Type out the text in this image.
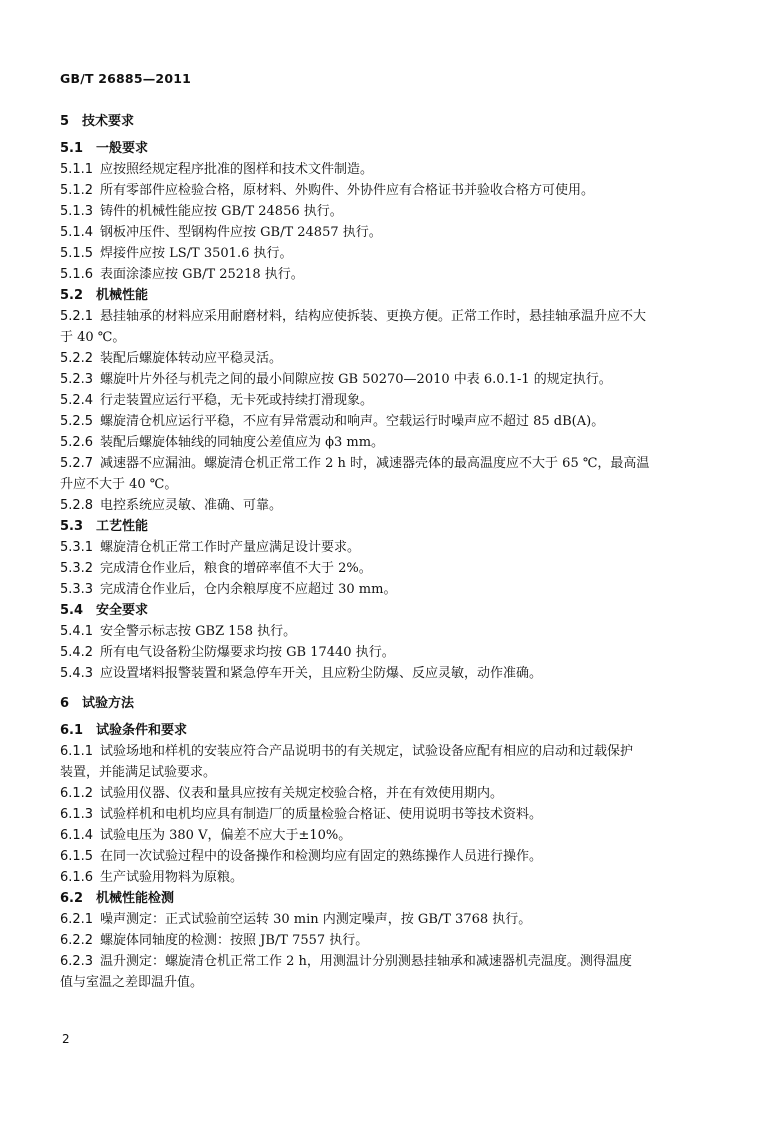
GB/T 26885—2011
5 技术要求
5.1 一般要求
5.1.1 应按照经规定程序批准的图样和技术文件制造。
5.1.2 所有零部件应检验合格，原材料、外购件、外协件应有合格证书并验收合格方可使用。
5.1.3 铸件的机械性能应按 GB/T 24856 执行。
5.1.4 钢板冲压件、型钢构件应按 GB/T 24857 执行。
5.1.5 焊接件应按 LS/T 3501.6 执行。
5.1.6 表面涂漆应按 GB/T 25218 执行。
5.2 机械性能
5.2.1 悬挂轴承的材料应采用耐磨材料，结构应使拆装、更换方便。正常工作时，悬挂轴承温升应不大
于 40 ℃。
5.2.2 装配后螺旋体转动应平稳灵活。
5.2.3 螺旋叶片外径与机壳之间的最小间隙应按 GB 50270—2010 中表 6.0.1-1 的规定执行。
5.2.4 行走装置应运行平稳，无卡死或持续打滑现象。
5.2.5 螺旋清仓机应运行平稳，不应有异常震动和响声。空载运行时噪声应不超过 85 dB(A)。
5.2.6 装配后螺旋体轴线的同轴度公差值应为 ϕ3 mm。
5.2.7 减速器不应漏油。螺旋清仓机正常工作 2 h 时，减速器壳体的最高温度应不大于 65 ℃，最高温
升应不大于 40 ℃。
5.2.8 电控系统应灵敏、准确、可靠。
5.3 工艺性能
5.3.1 螺旋清仓机正常工作时产量应满足设计要求。
5.3.2 完成清仓作业后，粮食的增碎率值不大于 2%。
5.3.3 完成清仓作业后，仓内余粮厚度不应超过 30 mm。
5.4 安全要求
5.4.1 安全警示标志按 GBZ 158 执行。
5.4.2 所有电气设备粉尘防爆要求均按 GB 17440 执行。
5.4.3 应设置堵料报警装置和紧急停车开关，且应粉尘防爆、反应灵敏，动作准确。
6 试验方法
6.1 试验条件和要求
6.1.1 试验场地和样机的安装应符合产品说明书的有关规定，试验设备应配有相应的启动和过载保护
装置，并能满足试验要求。
6.1.2 试验用仪器、仪表和量具应按有关规定校验合格，并在有效使用期内。
6.1.3 试验样机和电机均应具有制造厂的质量检验合格证、使用说明书等技术资料。
6.1.4 试验电压为 380 V，偏差不应大于±10%。
6.1.5 在同一次试验过程中的设备操作和检测均应有固定的熟练操作人员进行操作。
6.1.6 生产试验用物料为原粮。
6.2 机械性能检测
6.2.1 噪声测定：正式试验前空运转 30 min 内测定噪声，按 GB/T 3768 执行。
6.2.2 螺旋体同轴度的检测：按照 JB/T 7557 执行。
6.2.3 温升测定：螺旋清仓机正常工作 2 h，用测温计分别测悬挂轴承和减速器机壳温度。测得温度
值与室温之差即温升值。
2
